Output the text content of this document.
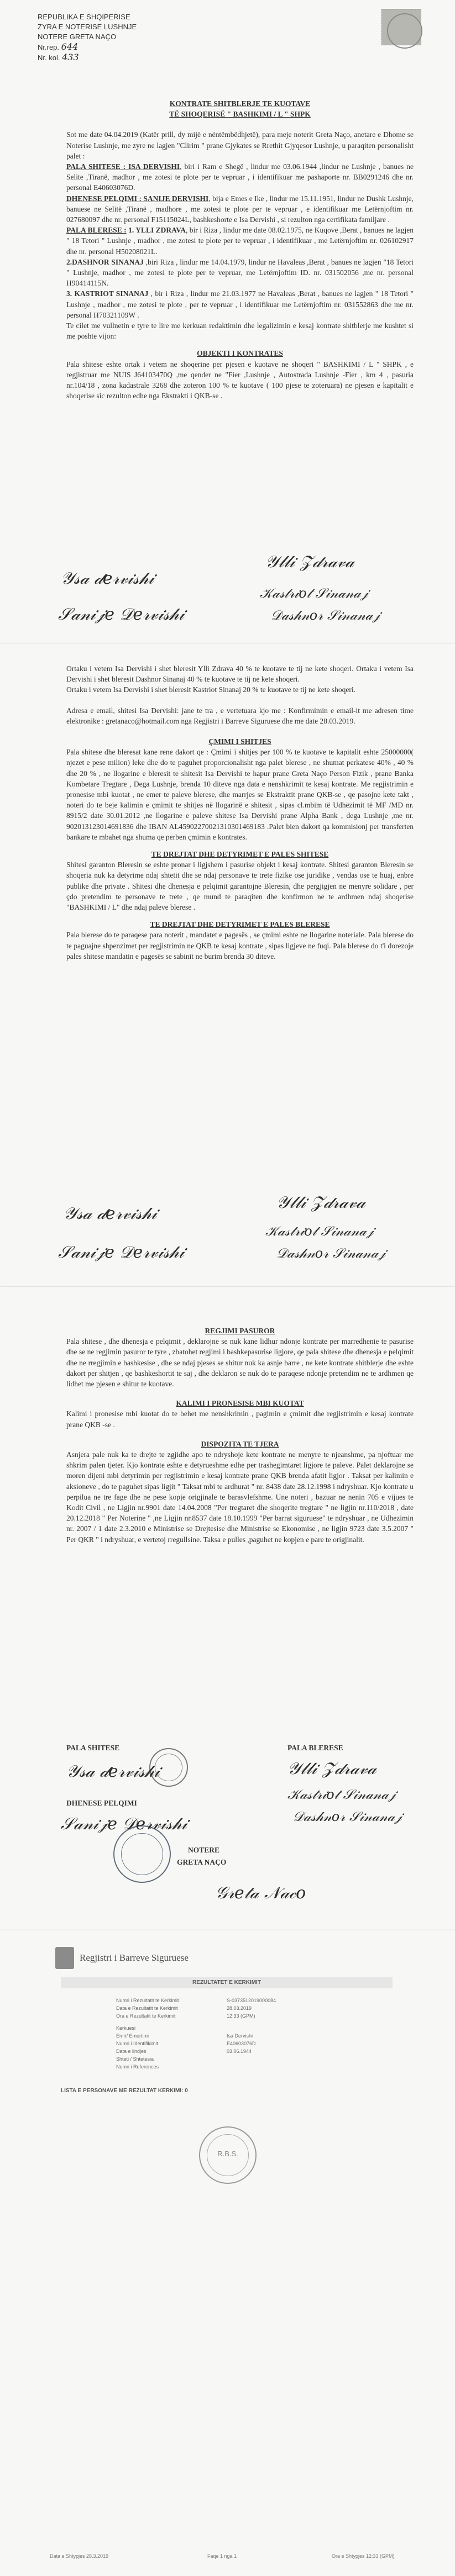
REPUBLIKA E SHQIPERISE
ZYRA E NOTERISE LUSHNJE
NOTERE GRETA NAÇO
Nr.rep. 644
Nr. kol. 433

KONTRATE SHITBLERJE TE KUOTAVE

TË SHOQERISË " BASHKIMI / L " SHPK

Sot me date 04.04.2019 (Katër prill, dy mijë e nëntëmbëdhjetë), para meje noterit Greta Naço, anetare e Dhome se Noterise Lushnje, me zyre ne lagjen "Clirim " prane Gjykates se Rrethit Gjyqesor Lushnje, u paraqiten personalisht palet :

PALA SHITESE : ISA DERVISHI, biri i Ram e Shegë , lindur me 03.06.1944 ,lindur ne Lushnje , banues ne Selite ,Tiranë, madhor , me zotesi te plote per te vepruar , i identifikuar me pashaporte nr. BB0291246 dhe nr. personal E40603076D.

DHENESE PELQIMI : SANIJE DERVISHI, bija e Emes e Ike , lindur me 15.11.1951, lindur ne Dushk Lushnje, banuese ne Selitë ,Tiranë , madhore , me zotesi te plote per te vepruar , e identifikuar me Letërnjoftim nr. 027680097 dhe nr. personal F15115024L, bashkeshorte e Isa Dervishi , si rezulton nga certifikata familjare .

PALA BLERESE : 1. YLLI ZDRAVA, bir i Riza , lindur me date 08.02.1975, ne Kuqove ,Berat , banues ne lagjen " 18 Tetori " Lushnje , madhor , me zotesi te plote per te vepruar , i identifikuar , me Letërnjoftim nr. 026102917 dhe nr. personal H50208021L.

2.DASHNOR SINANAJ ,biri Riza , lindur me 14.04.1979, lindur ne Havaleas ,Berat , banues ne lagjen "18 Tetori " Lushnje, madhor , me zotesi te plote per te vepruar, me Letërnjoftim ID. nr. 031502056 ,me nr. personal H90414115N.

3. KASTRIOT SINANAJ , bir i Riza , lindur me 21.03.1977 ne Havaleas ,Berat , banues ne lagjen " 18 Tetori " Lushnje , madhor , me zotesi te plote , per te vepruar , i identifikuar me Letërnjoftim nr. 031552863 dhe me nr. personal H70321109W .

Te cilet me vullnetin e tyre te lire me kerkuan redaktimin dhe legalizimin e kesaj kontrate shitblerje me kushtet si me poshte vijon:

OBJEKTI I KONTRATES

Pala shitese eshte ortak i vetem ne shoqerine per pjesen e kuotave ne shoqeri " BASHKIMI / L " SHPK , e regjistruar me NUIS J64103470Q ,me qender ne "Fier ,Lushnje , Autostrada Lushnje -Fier , km 4 , pasuria nr.104/18 , zona kadastrale 3268 dhe zoteron 100 % te kuotave ( 100 pjese te zoteruara) ne pjesen e kapitalit e shoqerise sic rezulton edhe nga Ekstrakti i QKB-se .

𝒴𝓈𝒶 𝒹𝑒𝓇𝓋𝒾𝓈𝒽𝒾
𝒮𝒶𝓃𝒾𝒿𝑒 𝒟𝑒𝓇𝓋𝒾𝓈𝒽𝒾
𝒴𝓁𝓁𝒾 𝒵𝒹𝓇𝒶𝓋𝒶
𝒦𝒶𝓈𝓉𝓇𝒾𝑜𝓉 𝒮𝒾𝓃𝒶𝓃𝒶𝒿
𝒟𝒶𝓈𝒽𝓃𝑜𝓇 𝒮𝒾𝓃𝒶𝓃𝒶𝒿

Ortaku i vetem Isa Dervishi i shet bleresit Ylli Zdrava 40 % te kuotave te tij ne kete shoqeri. Ortaku i vetem Isa Dervishi i shet bleresit Dashnor Sinanaj 40 % te kuotave te tij ne kete shoqeri.

Ortaku i vetem Isa Dervishi i shet bleresit Kastriot Sinanaj 20 % te kuotave te tij ne kete shoqeri.

Adresa e email, shitesi Isa Dervishi: jane te tra , e vertetuara kjo me : Konfirmimin e email-it me adresen time elektronike : gretanaco@hotmail.com nga Regjistri i Barreve Siguruese dhe me date 28.03.2019.

ÇMIMI I SHITJES

Pala shitese dhe bleresat kane rene dakort qe : Çmimi i shitjes per 100 % te kuotave te kapitalit eshte 25000000( njezet e pese milion) leke dhe do te paguhet proporcionalisht nga palet bleresе , ne shumat perkatese 40% , 40 % dhe 20 % , ne llogarine e bleresit te shitesit Isa Dervishi te hapur prane Greta Naço Person Fizik , prane Banka Kombetare Tregtare , Dega Lushnje, brenda 10 diteve nga data e nenshkrimit te kesaj kontrate. Me regjistrimin e pronesise mbi kuotat , ne emer te paleve blerese, dhe marrjes se Ekstraktit prane QKB-se , qe pasojne kete takt , noteri do te beje kalimin e çmimit te shitjes në llogarinë e shitesit , sipas cl.mbim të Udhëzimit të MF /MD nr. 8915/2 date 30.01.2012 ,ne llogarine e paleve shitese Isa Dervishi prane Alpha Bank , dega Lushnje ,me nr. 902013123014691836 dhe IBAN AL45902270021310301469183 .Palet bien dakort qa kommisionj per transferten bankare te mbahet nga shuma qe perben çmimin e kontrates.

TE DREJTAT DHE DETYRIMET E PALES SHITESE

Shitesi garanton Bleresin se eshte pronar i ligjshem i pasurise objekt i kesaj kontrate. Shitesi garanton Bleresin se shoqeria nuk ka detyrime ndaj shtetit dhe se ndaj personave te trete fizike ose juridike , vendas ose te huaj, enbre publike dhe private . Shitesi dhe dhenesja e pelqimit garantojne Bleresin, dhe pergjigjen ne menyre solidare , per çdo pretendim te personave te trete , qe mund te paraqiten dhe konfirmon ne te ardhmen ndaj shoqerise "BASHKIMI / L" dhe ndaj paleve blerese .

TE DREJTAT DHE DETYRIMET E PALES BLERESE

Pala blerese do te paraqese para noterit , mandatet e pagesës , se çmimi eshte ne llogarine noteriale. Pala blerese do te paguajne shpenzimet per regjistrimin ne QKB te kesaj kontrate , sipas ligjeve ne fuqi. Pala blerese do t'i dorezoje pales shitese mandatin e pagesës se sabinit ne burim brenda 30 ditеve.

𝒴𝓈𝒶 𝒹𝑒𝓇𝓋𝒾𝓈𝒽𝒾
𝒮𝒶𝓃𝒾𝒿𝑒 𝒟𝑒𝓇𝓋𝒾𝓈𝒽𝒾
𝒴𝓁𝓁𝒾 𝒵𝒹𝓇𝒶𝓋𝒶
𝒦𝒶𝓈𝓉𝓇𝒾𝑜𝓉 𝒮𝒾𝓃𝒶𝓃𝒶𝒿
𝒟𝒶𝓈𝒽𝓃𝑜𝓇 𝒮𝒾𝓃𝒶𝓃𝒶𝒿

REGJIMI PASUROR

Pala shitese , dhe dhenesja e pelqimit , deklarojne se nuk kane lidhur ndonje kontrate per marredhenie te pasurise dhe se ne regjimin pasuror te tyre , zbatohet regjimi i bashkepasurise ligjore, qe pala shitese dhe dhenesja e pelqimit dhe ne rregjimin e bashkesise , dhe se ndaj pjeses se shitur nuk ka asnje barre , ne kete kontrate shitblerje dhe eshte dakort per shitjen , qe bashkeshortit te saj , dhe deklaron se nuk do te paraqese ndonje pretendim ne te ardhmen qe lidhet me pjesen e shitur te kuotave.

KALIMI I PRONESISE MBI KUOTAT

Kalimi i pronesise mbi kuotat do te behet me nenshkrimin , pagimin e çmimit dhe regjistrimin e kesaj kontrate prane QKB -se .

DISPOZITA TE TJERA

Asnjera pale nuk ka te drejte te zgjidhe apo te ndryshoje kete kontrate ne menyre te njeanshme, pa njoftuar me shkrim palen tjeter. Kjo kontrate eshte e detyrueshme edhe per trashegimtaret ligjore te paleve. Palet deklarojne se moren dijeni mbi detyrimin per regjistrimin e kesaj kontrate prane QKB brenda afatit ligjor . Taksat per kalimin e aksioneve , do te paguhet sipas ligjit " Taksat mbi te ardhurat " nr. 8438 date 28.12.1998 i ndryshuar. Kjo kontrate u perpilua ne tre fage dhe ne pese kopje origjinale te barasvlefshme. Une noteri , bazuar ne nenin 705 e vijues te Kodit Civil , ne Ligjin nr.9901 date 14.04.2008 "Per tregtaret dhe shoqerite tregtare " ne ligjin nr.110/2018 , date 20.12.2018 " Per Noterine " ,ne Ligjin nr.8537 date 18.10.1999 "Per barrat siguruese" te ndryshuar , ne Udhezimin nr. 2007 / 1 date 2.3.2010 e Ministrise se Drejtesise dhe Ministrise se Ekonomise , ne ligjin 9723 date 3.5.2007 " Per QKR " i ndryshuar, e vertetoj rregullsine. Taksa e pulles ,paguhet ne kopjen e pare te origjinalit.

PALA SHITESE	PALA BLERESE
DHENESE PELQIMI
NOTERE
GRETA NAÇO
𝒴𝓈𝒶 𝒹𝑒𝓇𝓋𝒾𝓈𝒽𝒾
𝒮𝒶𝓃𝒾𝒿𝑒 𝒟𝑒𝓇𝓋𝒾𝓈𝒽𝒾
𝒴𝓁𝓁𝒾 𝒵𝒹𝓇𝒶𝓋𝒶
𝒦𝒶𝓈𝓉𝓇𝒾𝑜𝓉 𝒮𝒾𝓃𝒶𝓃𝒶𝒿
𝒟𝒶𝓈𝒽𝓃𝑜𝓇 𝒮𝒾𝓃𝒶𝓃𝒶𝒿
𝒢𝓇𝑒𝓉𝒶 𝒩𝒶𝒸𝑜
Regjistri i Barreve Siguruese
REZULTATET E KERKIMIT
Numri i Rezultatit te Kerkimit	S-0373512019000084
Data e Rezultatit te Kerkimit	28.03.2019
Ora e Rezultatit te Kerkimit	12:33 (GPM)
Kerkuesi
Emri/ Emertimi	Isa Dervishi
Numri i Identifikimit	E40603076D
Data e lindjes	03.06.1944
Shteti / Shtetesia
Numri i References
LISTA E PERSONAVE ME REZULTAT KERKIMI: 0
R.B.S.
Data e Shtypjes 28.3.2019	Faqe 1 nga 1	Ora e Shtypjes 12:33 (GPM)
